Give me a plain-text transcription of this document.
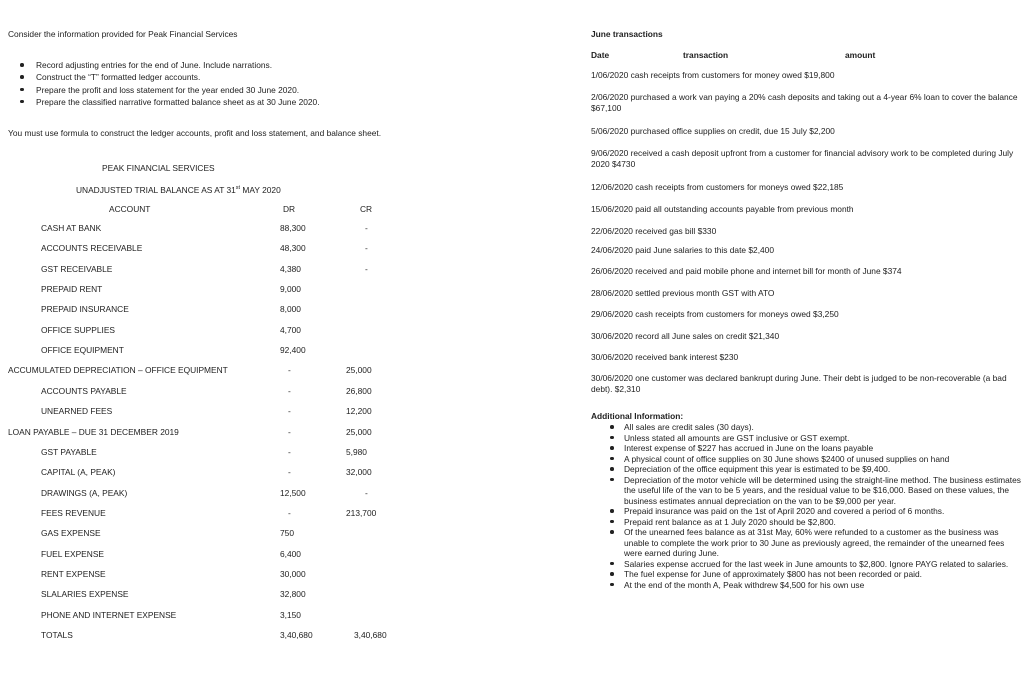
Consider the information provided for Peak Financial Services
Record adjusting entries for the end of June. Include narrations.
Construct the “T” formatted ledger accounts.
Prepare the profit and loss statement for the year ended 30 June 2020.
Prepare the classified narrative formatted balance sheet as at 30 June 2020.
You must use formula to construct the ledger accounts, profit and loss statement, and balance sheet.
PEAK FINANCIAL SERVICES
UNADJUSTED TRIAL BALANCE AS AT 31st MAY 2020
ACCOUNT	DR	CR
CASH AT BANK	88,300	-
ACCOUNTS RECEIVABLE	48,300	-
GST RECEIVABLE	4,380	-
PREPAID RENT	9,000
PREPAID INSURANCE	8,000
OFFICE SUPPLIES	4,700
OFFICE EQUIPMENT	92,400
ACCUMULATED DEPRECIATION – OFFICE EQUIPMENT	-	25,000
ACCOUNTS PAYABLE	-	26,800
UNEARNED FEES	-	12,200
LOAN PAYABLE – DUE 31 DECEMBER 2019	-	25,000
GST PAYABLE	-	5,980
CAPITAL (A, PEAK)	-	32,000
DRAWINGS (A, PEAK)	12,500	-
FEES REVENUE	-	213,700
GAS EXPENSE	750
FUEL EXPENSE	6,400
RENT EXPENSE	30,000
SLALARIES EXPENSE	32,800
PHONE AND INTERNET EXPENSE	3,150
TOTALS	3,40,680	3,40,680
June transactions
Date	transaction	amount
1/06/2020 cash receipts from customers for money owed $19,800
2/06/2020 purchased a work van paying a 20% cash deposits and taking out a 4-year 6% loan to cover the balance $67,100
5/06/2020 purchased office supplies on credit, due 15 July $2,200
9/06/2020 received a cash deposit upfront from a customer for financial advisory work to be completed during July 2020 $4730
12/06/2020 cash receipts from customers for moneys owed $22,185
15/06/2020 paid all outstanding accounts payable from previous month
22/06/2020 received gas bill $330
24/06/2020 paid June salaries to this date $2,400
26/06/2020 received and paid mobile phone and internet bill for month of June $374
28/06/2020 settled previous month GST with ATO
29/06/2020 cash receipts from customers for moneys owed $3,250
30/06/2020 record all June sales on credit $21,340
30/06/2020 received bank interest $230
30/06/2020 one customer was declared bankrupt during June. Their debt is judged to be non-recoverable (a bad debt). $2,310
Additional Information:
All sales are credit sales (30 days).
Unless stated all amounts are GST inclusive or GST exempt.
Interest expense of $227 has accrued in June on the loans payable
A physical count of office supplies on 30 June shows $2400 of unused supplies on hand
Depreciation of the office equipment this year is estimated to be $9,400.
Depreciation of the motor vehicle will be determined using the straight-line method. The business estimates the useful life of the van to be 5 years, and the residual value to be $16,000. Based on these values, the business estimates annual depreciation on the van to be $9,000 per year.
Prepaid insurance was paid on the 1st of April 2020 and covered a period of 6 months.
Prepaid rent balance as at 1 July 2020 should be $2,800.
Of the unearned fees balance as at 31st May, 60% were refunded to a customer as the business was unable to complete the work prior to 30 June as previously agreed, the remainder of the unearned fees were earned during June.
Salaries expense accrued for the last week in June amounts to $2,800. Ignore PAYG related to salaries.
The fuel expense for June of approximately $800 has not been recorded or paid.
At the end of the month A, Peak withdrew $4,500 for his own use
